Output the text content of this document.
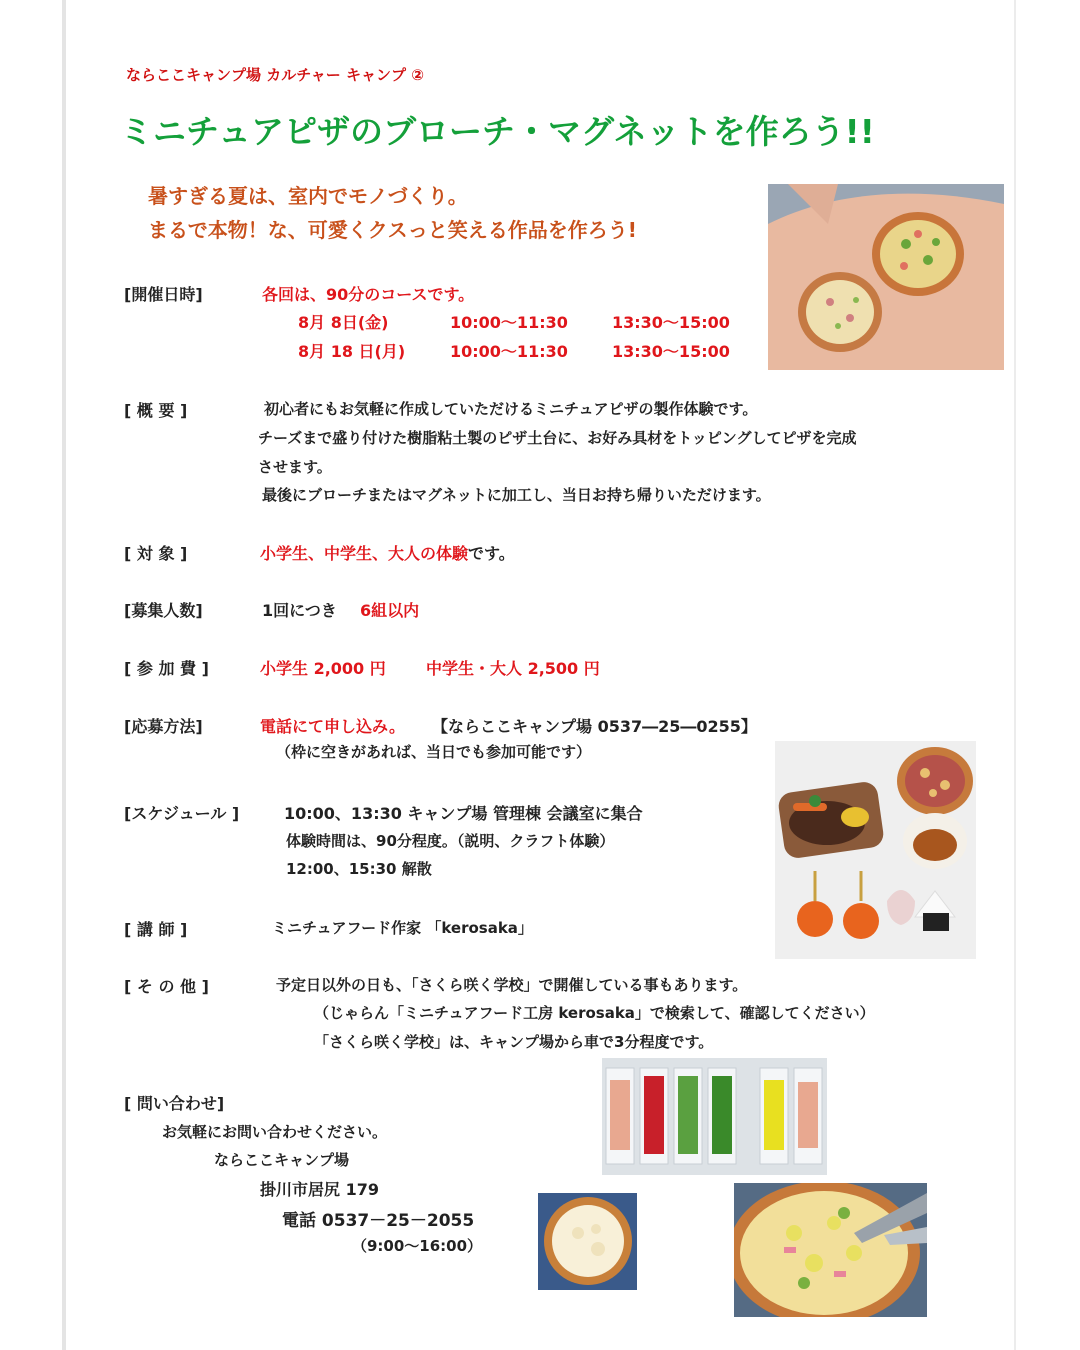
ならここキャンプ場 カルチャー キャンプ ②
ミニチュアピザのブローチ・マグネットを作ろう!!
暑すぎる夏は、室内でモノづくり。
まるで本物！な、可愛くクスっと笑える作品を作ろう!
[開催日時]	各回は、90分のコースです。
8月 8日(金)	10:00～11:30	13:30～15:00
8月 18 日(月)	10:00～11:30	13:30～15:00
[ 概 要 ]	初心者にもお気軽に作成していただけるミニチュアピザの製作体験です。
チーズまで盛り付けた樹脂粘土製のピザ土台に、お好み具材をトッピングしてピザを完成
させます。
最後にブローチまたはマグネットに加工し、当日お持ち帰りいただけます。
[ 対 象 ]	小学生、中学生、大人の体験です。
[募集人数]	1回につき 6組以内
[ 参 加 費 ]	小学生 2,000 円	中学生・大人 2,500 円
[応募方法]	電話にて申し込み。 【ならここキャンプ場 0537―25―0255】
（枠に空きがあれば、当日でも参加可能です）
[スケジュール ]	10:00、13:30 キャンプ場 管理棟 会議室に集合
体験時間は、90分程度。（説明、クラフト体験）
12:00、15:30 解散
[ 講 師 ]	ミニチュアフード作家 「kerosaka」
[ そ の 他 ]	予定日以外の日も、「さくら咲く学校」で開催している事もあります。
（じゃらん「ミニチュアフード工房 kerosaka」で検索して、確認してください）
「さくら咲く学校」は、キャンプ場から車で3分程度です。
[ 問い合わせ]
お気軽にお問い合わせください。
ならここキャンプ場
掛川市居尻 179
電話 0537－25－2055
（9:00～16:00）
